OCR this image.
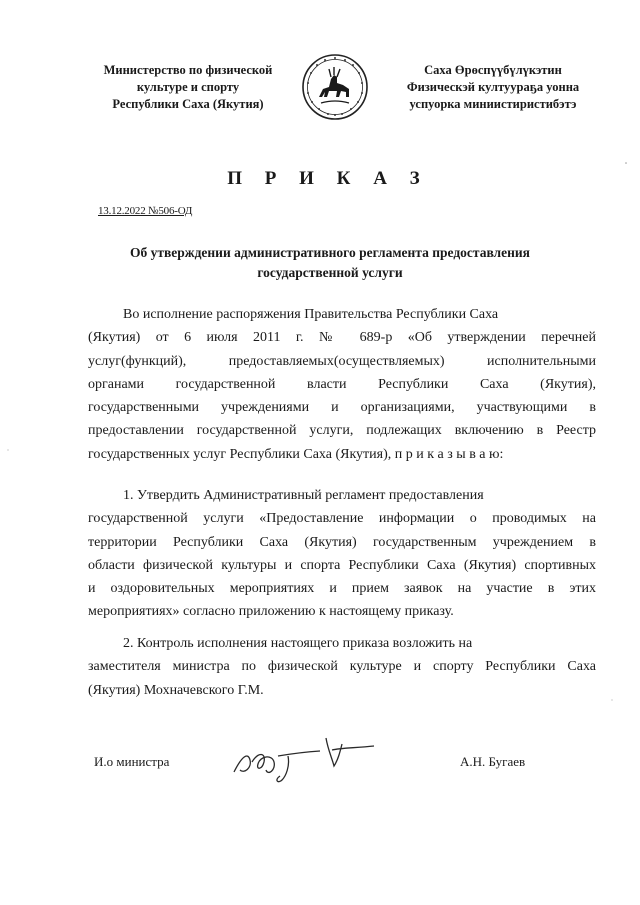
Министерство по физической
культуре и спорту
Республики Саха (Якутия)
Саха Өрөспүүбүлүкэтин
Физическэй култуураҕа уонна
успуорка миниистиристибэтэ
П Р И К А З
13.12.2022 №506-ОД
Об утверждении административного регламента предоставления
государственной услуги

Во исполнение распоряжения Правительства Республики Саха

(Якутия) от 6 июля 2011 г. № 689-р «Об утверждении перечней

услуг(функций), предоставляемых(осуществляемых) исполнительными

органами государственной власти Республики Саха (Якутия),

государственными учреждениями и организациями, участвующими в

предоставлении государственной услуги, подлежащих включению в Реестр

государственных услуг Республики Саха (Якутия), п р и к а з ы в а ю:

1. Утвердить Административный регламент предоставления

государственной услуги «Предоставление информации о проводимых на

территории Республики Саха (Якутия) государственным учреждением в

области физической культуры и спорта Республики Саха (Якутия) спортивных

и оздоровительных мероприятиях и прием заявок на участие в этих

мероприятиях» согласно приложению к настоящему приказу.

2. Контроль исполнения настоящего приказа возложить на

заместителя министра по физической культуре и спорту Республики Саха

(Якутия) Мохначевского Г.М.

И.о министра	А.Н. Бугаев
